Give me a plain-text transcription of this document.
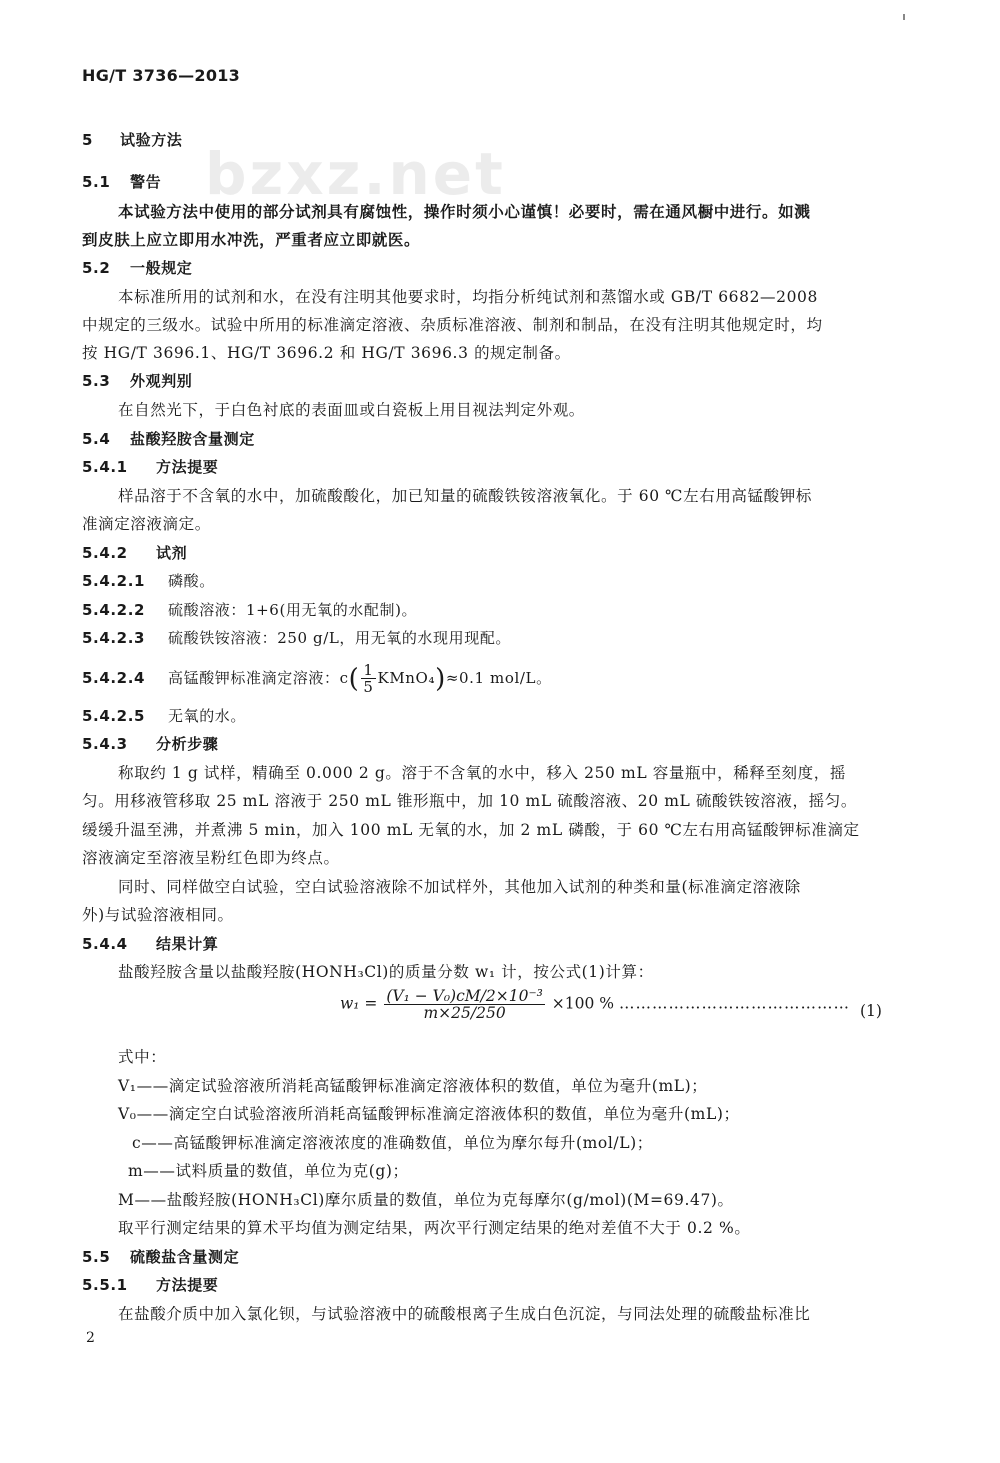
HG/T 3736—2013
bzxz.net
5 试验方法
5.1 警告
本试验方法中使用的部分试剂具有腐蚀性，操作时须小心谨慎！必要时，需在通风橱中进行。如溅
到皮肤上应立即用水冲洗，严重者应立即就医。
5.2 一般规定
本标准所用的试剂和水，在没有注明其他要求时，均指分析纯试剂和蒸馏水或 GB/T 6682—2008
中规定的三级水。试验中所用的标准滴定溶液、杂质标准溶液、制剂和制品，在没有注明其他规定时，均
按 HG/T 3696.1、HG/T 3696.2 和 HG/T 3696.3 的规定制备。
5.3 外观判别
在自然光下，于白色衬底的表面皿或白瓷板上用目视法判定外观。
5.4 盐酸羟胺含量测定
5.4.1 方法提要
样品溶于不含氧的水中，加硫酸酸化，加已知量的硫酸铁铵溶液氧化。于 60 ℃左右用高锰酸钾标
准滴定溶液滴定。
5.4.2 试剂
5.4.2.1 磷酸。
5.4.2.2 硫酸溶液：1+6(用无氧的水配制)。
5.4.2.3 硫酸铁铵溶液：250 g/L，用无氧的水现用现配。
5.4.2.4 高锰酸钾标准滴定溶液：$c( \frac{1}{5}$ KMnO₄)≈0.1 mol/L。
5.4.2.5 无氧的水。
5.4.3 分析步骤
称取约 1 g 试样，精确至 0.000 2 g。溶于不含氧的水中，移入 250 mL 容量瓶中，稀释至刻度，摇
匀。用移液管移取 25 mL 溶液于 250 mL 锥形瓶中，加 10 mL 硫酸溶液、20 mL 硫酸铁铵溶液，摇匀。
缓缓升温至沸，并煮沸 5 min，加入 100 mL 无氧的水，加 2 mL 磷酸，于 60 ℃左右用高锰酸钾标准滴定
溶液滴定至溶液呈粉红色即为终点。
同时、同样做空白试验，空白试验溶液除不加试样外，其他加入试剂的种类和量(标准滴定溶液除
外)与试验溶液相同。
5.4.4 结果计算
盐酸羟胺含量以盐酸羟胺(HONH₃Cl)的质量分数 w₁ 计，按公式(1)计算：
$w_1 = \frac{\text{(V₁ − V₀)cM/2×10⁻³}}{m\times 25/250} \times 100$ % …………………………………… (1)
式中：
V₁——滴定试验溶液所消耗高锰酸钾标准滴定溶液体积的数值，单位为毫升(mL)；
V₀——滴定空白试验溶液所消耗高锰酸钾标准滴定溶液体积的数值，单位为毫升(mL)；
c——高锰酸钾标准滴定溶液浓度的准确数值，单位为摩尔每升(mol/L)；
m——试料质量的数值，单位为克(g)；
M——盐酸羟胺(HONH₃Cl)摩尔质量的数值，单位为克每摩尔(g/mol)(M=69.47)。
取平行测定结果的算术平均值为测定结果，两次平行测定结果的绝对差值不大于 0.2 %。
5.5 硫酸盐含量测定
5.5.1 方法提要
在盐酸介质中加入氯化钡，与试验溶液中的硫酸根离子生成白色沉淀，与同法处理的硫酸盐标准比
2
